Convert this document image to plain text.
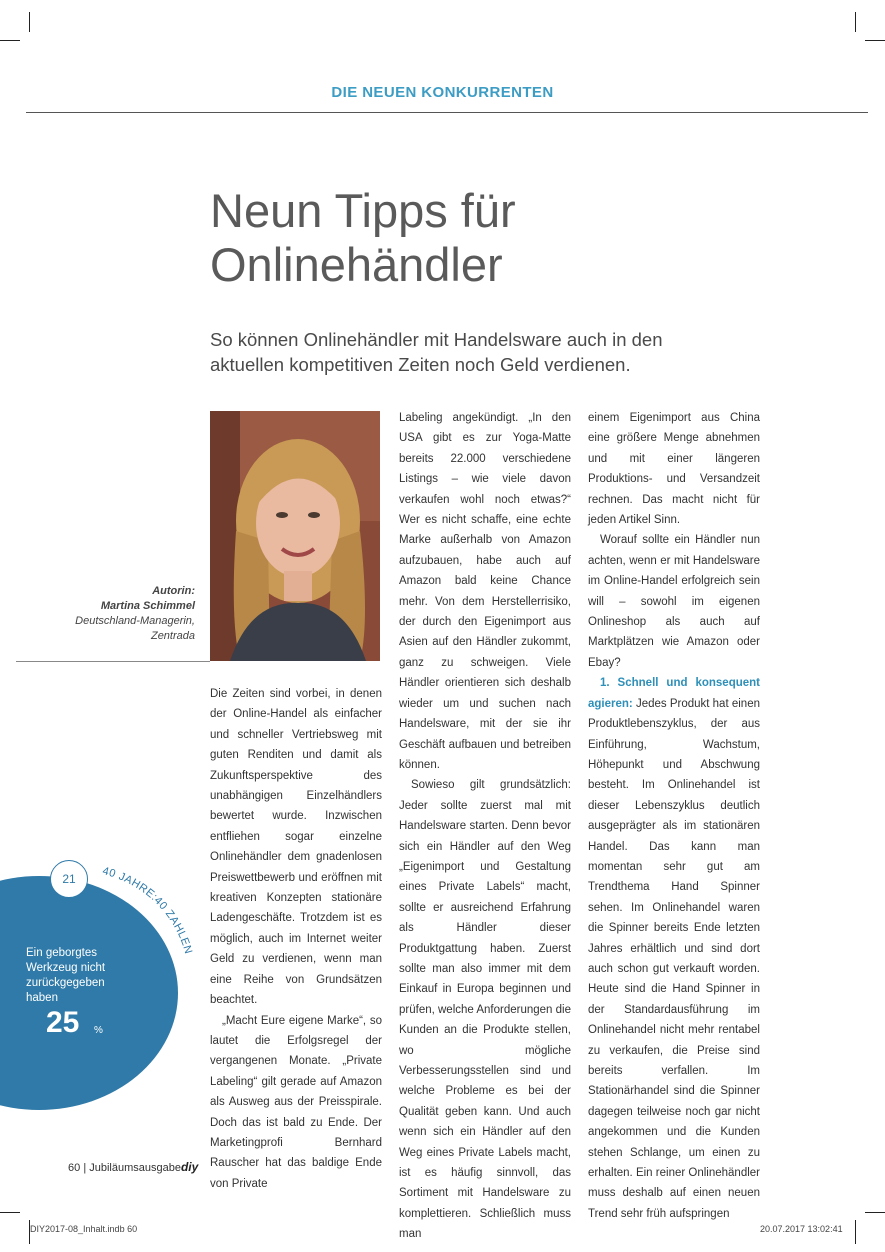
DIE NEUEN KONKURRENTEN
Neun Tipps für
Onlinehändler
So können Onlinehändler mit Handelsware auch in den
aktuellen kompetitiven Zeiten noch Geld verdienen.
Autorin:
Martina Schimmel
Deutschland-Managerin,
Zentrada

Die Zeiten sind vorbei, in denen der Online-Handel als einfacher und schneller Vertriebsweg mit guten Renditen und damit als Zukunftsperspektive des unabhängigen Einzelhändlers bewertet wurde. Inzwischen entfliehen sogar einzelne Onlinehändler dem gnadenlosen Preiswettbewerb und eröffnen mit kreativen Konzepten stationäre Ladengeschäfte. Trotzdem ist es möglich, auch im Internet weiter Geld zu verdienen, wenn man eine Reihe von Grundsätzen beachtet.

„Macht Eure eigene Marke“, so lautet die Erfolgsregel der vergangenen Monate. „Private Labeling“ gilt gerade auf Amazon als Ausweg aus der Preisspirale. Doch das ist bald zu Ende. Der Marketingprofi Bernhard Rauscher hat das baldige Ende von Private

Labeling angekündigt. „In den USA gibt es zur Yoga-Matte bereits 22.000 verschiedene Listings – wie viele davon verkaufen wohl noch etwas?“ Wer es nicht schaffe, eine echte Marke außerhalb von Amazon aufzubauen, habe auch auf Amazon bald keine Chance mehr. Von dem Herstellerrisiko, der durch den Eigenimport aus Asien auf den Händler zukommt, ganz zu schweigen. Viele Händler orientieren sich deshalb wieder um und suchen nach Handelsware, mit der sie ihr Geschäft aufbauen und betreiben können.

Sowieso gilt grundsätzlich: Jeder sollte zuerst mal mit Handelsware starten. Denn bevor sich ein Händler auf den Weg „Eigenimport und Gestaltung eines Private Labels“ macht, sollte er ausreichend Erfahrung als Händler dieser Produktgattung haben. Zuerst sollte man also immer mit dem Einkauf in Europa beginnen und prüfen, welche Anforderungen die Kunden an die Produkte stellen, wo mögliche Verbesserungsstellen sind und welche Probleme es bei der Qualität geben kann. Und auch wenn sich ein Händler auf den Weg eines Private Labels macht, ist es häufig sinnvoll, das Sortiment mit Handelsware zu komplettieren. Schließlich muss man

einem Eigenimport aus China eine größere Menge abnehmen und mit einer längeren Produktions- und Versandzeit rechnen. Das macht nicht für jeden Artikel Sinn.

Worauf sollte ein Händler nun achten, wenn er mit Handelsware im Online-Handel erfolgreich sein will – sowohl im eigenen Onlineshop als auch auf Marktplätzen wie Amazon oder Ebay?

1. Schnell und konsequent agieren: Jedes Produkt hat einen Produktlebenszyklus, der aus Einführung, Wachstum, Höhepunkt und Abschwung besteht. Im Onlinehandel ist dieser Lebenszyklus deutlich ausgeprägter als im stationären Handel. Das kann man momentan sehr gut am Trendthema Hand Spinner sehen. Im Onlinehandel waren die Spinner bereits Ende letzten Jahres erhältlich und sind dort auch schon gut verkauft worden. Heute sind die Hand Spinner in der Standardausführung im Onlinehandel nicht mehr rentabel zu verkaufen, die Preise sind bereits verfallen. Im Stationärhandel sind die Spinner dagegen teilweise noch gar nicht angekommen und die Kunden stehen Schlange, um einen zu erhalten. Ein reiner Onlinehändler muss deshalb auf einen neuen Trend sehr früh aufspringen

21
40 JAHRE:40 ZAHLEN
Ein geborgtes
Werkzeug nicht
zurückgegeben
haben
25 %
60 | Jubiläumsausgabediy
DIY2017-08_Inhalt.indb 60	20.07.2017 13:02:41
